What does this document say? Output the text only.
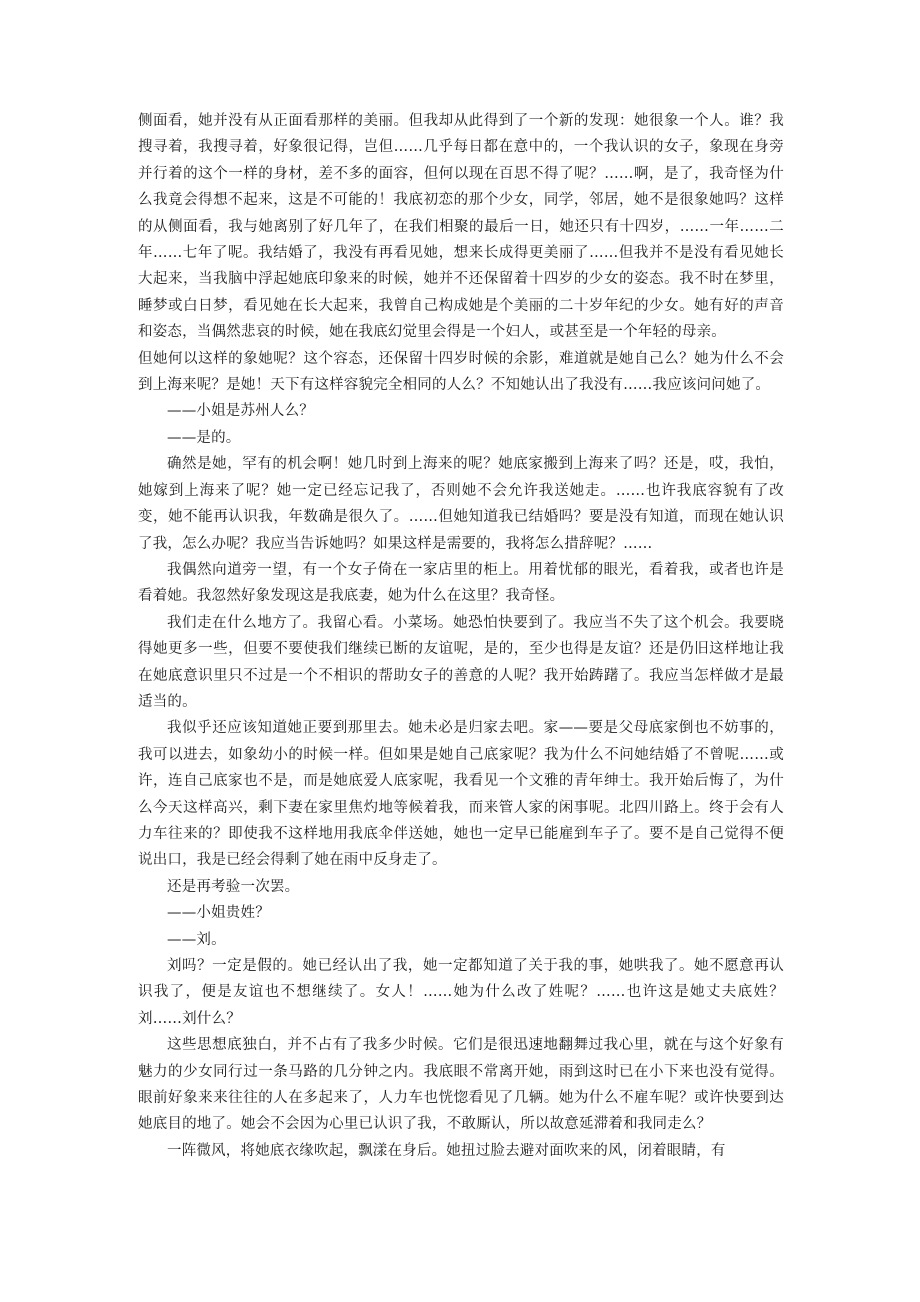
侧面看，她并没有从正面看那样的美丽。但我却从此得到了一个新的发现：她很象一个人。谁？我搜寻着，我搜寻着，好象很记得，岂但……几乎每日都在意中的，一个我认识的女子，象现在身旁并行着的这个一样的身材，差不多的面容，但何以现在百思不得了呢？……啊，是了，我奇怪为什么我竟会得想不起来，这是不可能的！我底初恋的那个少女，同学，邻居，她不是很象她吗？这样的从侧面看，我与她离别了好几年了，在我们相聚的最后一日，她还只有十四岁，……一年……二年……七年了呢。我结婚了，我没有再看见她，想来长成得更美丽了……但我并不是没有看见她长大起来，当我脑中浮起她底印象来的时候，她并不还保留着十四岁的少女的姿态。我不时在梦里，睡梦或白日梦，看见她在长大起来，我曾自己构成她是个美丽的二十岁年纪的少女。她有好的声音和姿态，当偶然悲哀的时候，她在我底幻觉里会得是一个妇人，或甚至是一个年轻的母亲。

但她何以这样的象她呢？这个容态，还保留十四岁时候的余影，难道就是她自己么？她为什么不会到上海来呢？是她！天下有这样容貌完全相同的人么？不知她认出了我没有……我应该问问她了。

——小姐是苏州人么？

——是的。

确然是她，罕有的机会啊！她几时到上海来的呢？她底家搬到上海来了吗？还是，哎，我怕，她嫁到上海来了呢？她一定已经忘记我了，否则她不会允许我送她走。……也许我底容貌有了改变，她不能再认识我，年数确是很久了。……但她知道我已结婚吗？要是没有知道，而现在她认识了我，怎么办呢？我应当告诉她吗？如果这样是需要的，我将怎么措辞呢？……

我偶然向道旁一望，有一个女子倚在一家店里的柜上。用着忧郁的眼光，看着我，或者也许是看着她。我忽然好象发现这是我底妻，她为什么在这里？我奇怪。

我们走在什么地方了。我留心看。小菜场。她恐怕快要到了。我应当不失了这个机会。我要晓得她更多一些，但要不要使我们继续已断的友谊呢，是的，至少也得是友谊？还是仍旧这样地让我在她底意识里只不过是一个不相识的帮助女子的善意的人呢？我开始踌躇了。我应当怎样做才是最适当的。

我似乎还应该知道她正要到那里去。她未必是归家去吧。家——要是父母底家倒也不妨事的，我可以进去，如象幼小的时候一样。但如果是她自己底家呢？我为什么不问她结婚了不曾呢……或许，连自己底家也不是，而是她底爱人底家呢，我看见一个文雅的青年绅士。我开始后悔了，为什么今天这样高兴，剩下妻在家里焦灼地等候着我，而来管人家的闲事呢。北四川路上。终于会有人力车往来的？即使我不这样地用我底伞伴送她，她也一定早已能雇到车子了。要不是自己觉得不便说出口，我是已经会得剩了她在雨中反身走了。

还是再考验一次罢。

——小姐贵姓？

——刘。

刘吗？一定是假的。她已经认出了我，她一定都知道了关于我的事，她哄我了。她不愿意再认识我了，便是友谊也不想继续了。女人！……她为什么改了姓呢？……也许这是她丈夫底姓？刘……刘什么？

这些思想底独白，并不占有了我多少时候。它们是很迅速地翻舞过我心里，就在与这个好象有魅力的少女同行过一条马路的几分钟之内。我底眼不常离开她，雨到这时已在小下来也没有觉得。眼前好象来来往往的人在多起来了，人力车也恍惚看见了几辆。她为什么不雇车呢？或许快要到达她底目的地了。她会不会因为心里已认识了我，不敢厮认，所以故意延滞着和我同走么？

一阵微风，将她底衣缘吹起，飘漾在身后。她扭过脸去避对面吹来的风，闭着眼睛，有
